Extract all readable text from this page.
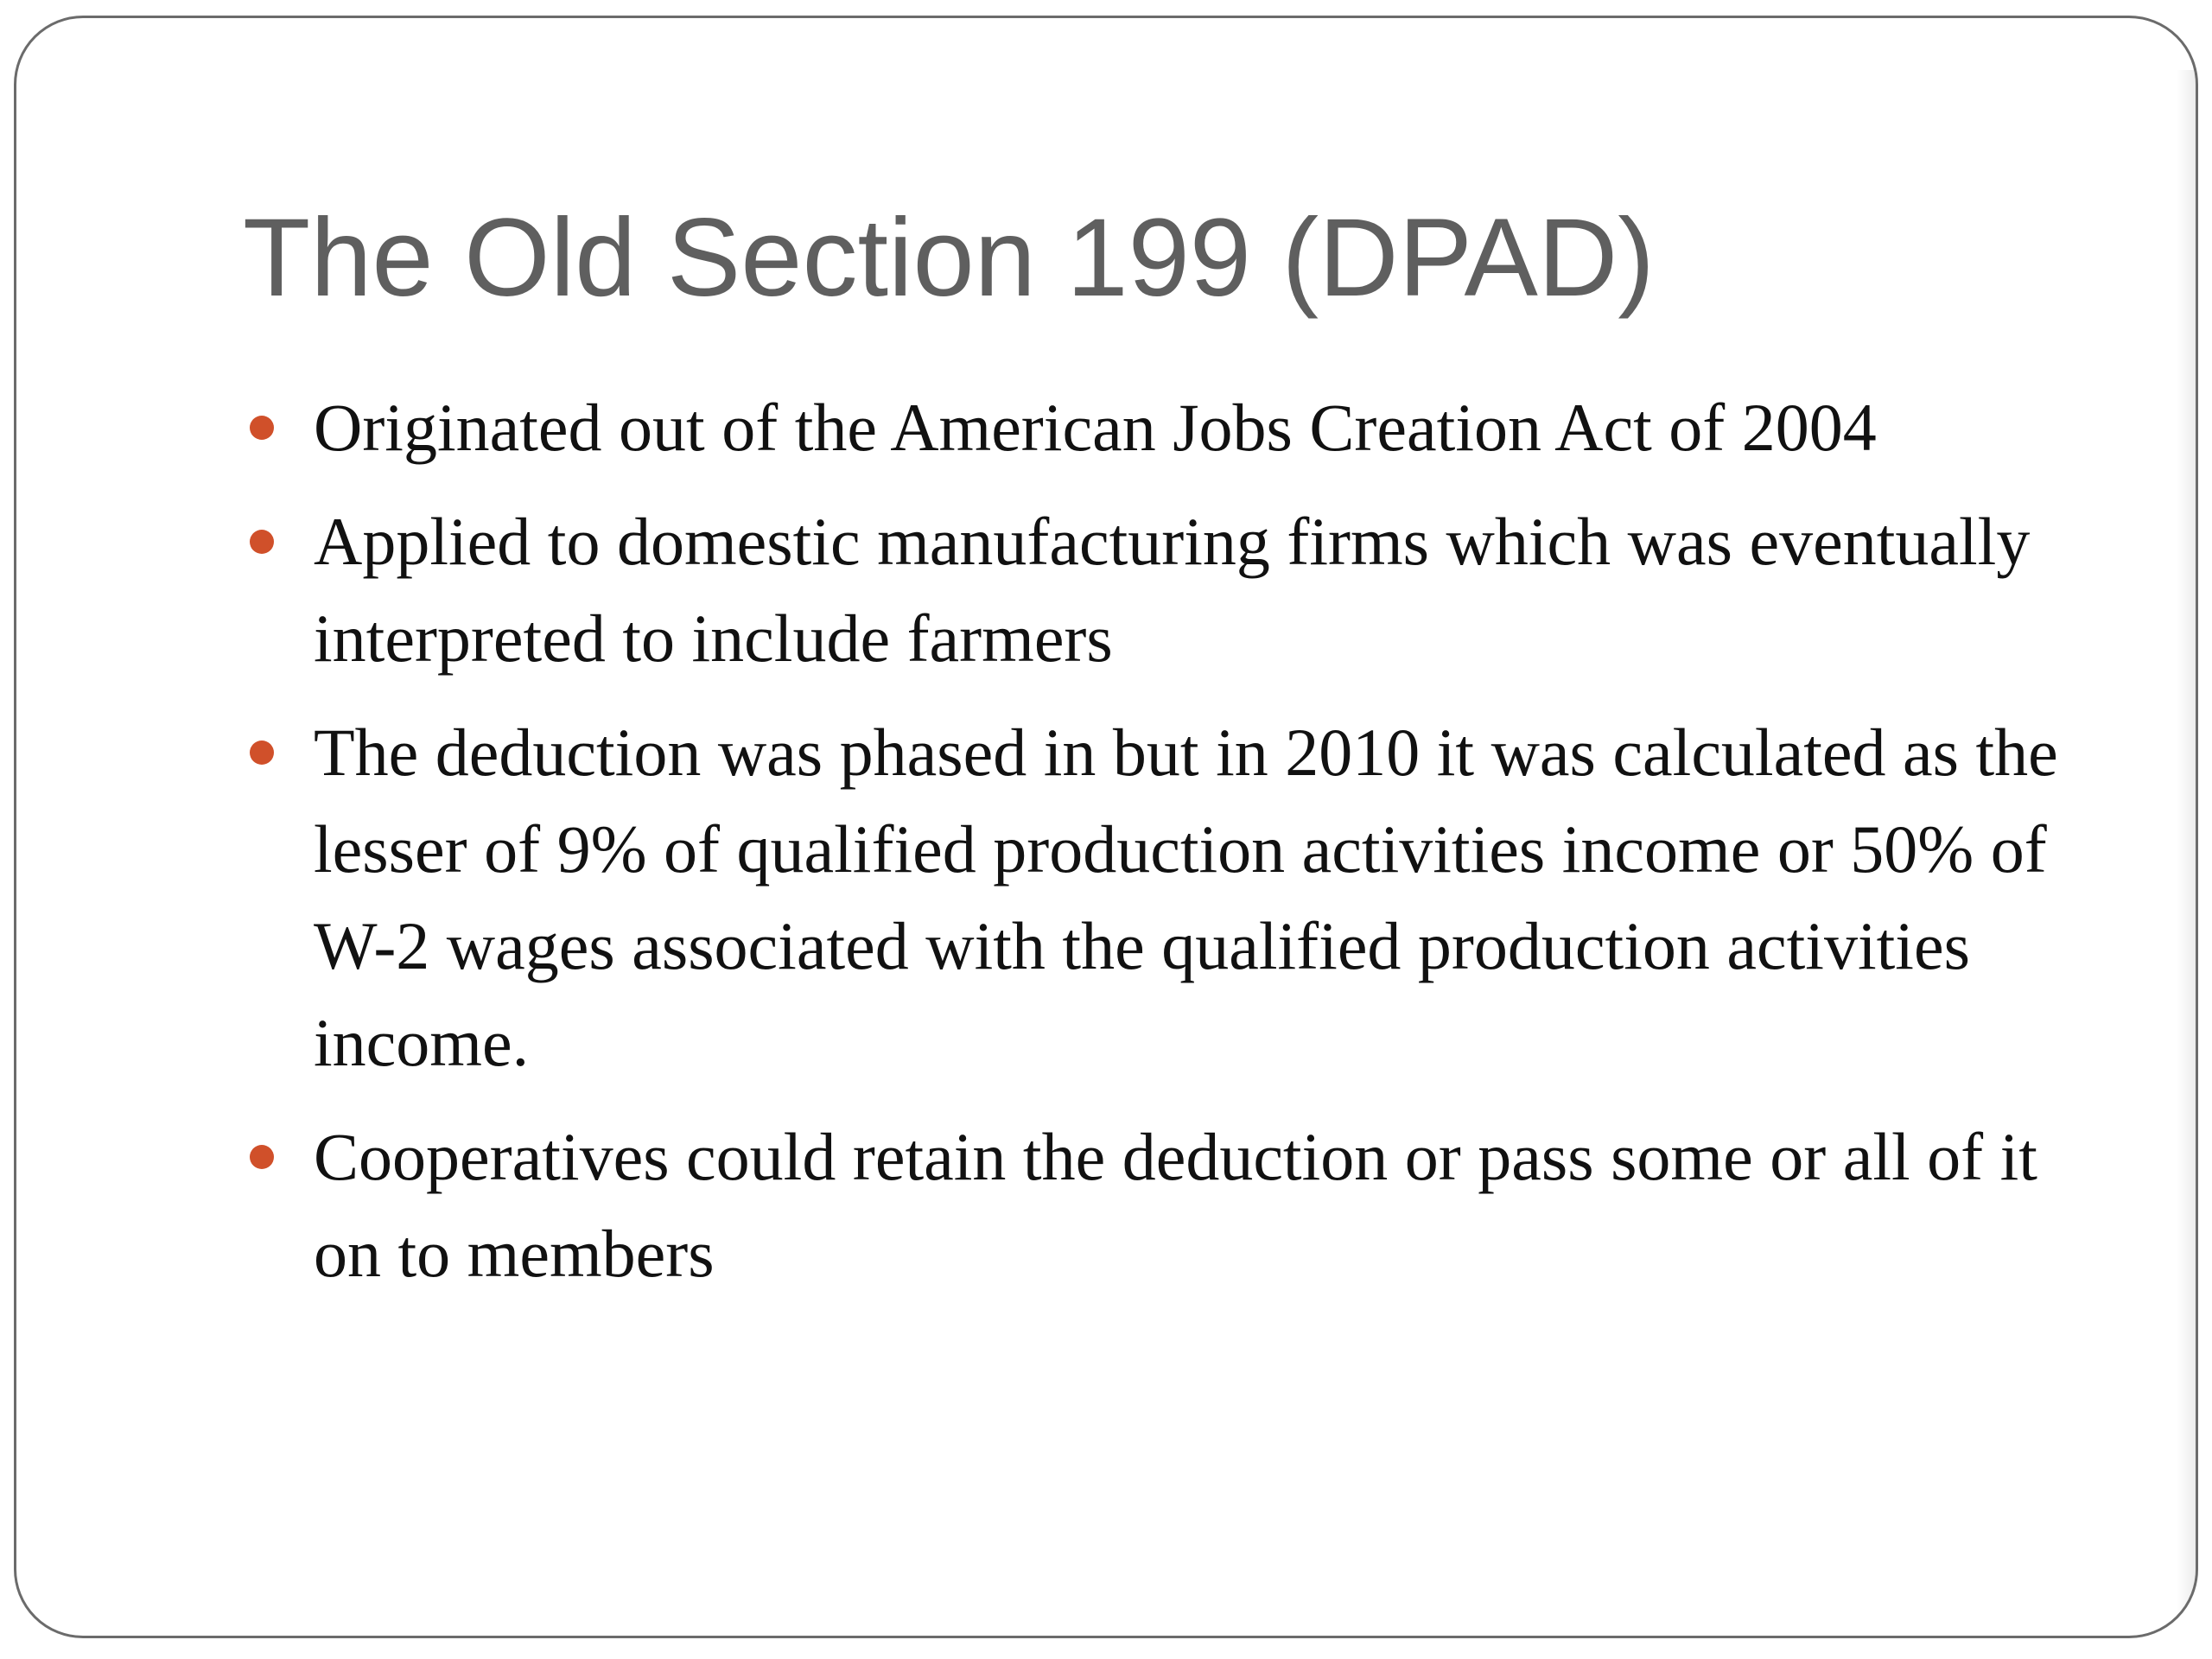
The Old Section 199 (DPAD)
Originated out of the American Jobs Creation Act of 2004
Applied to domestic manufacturing firms which was eventually interpreted to include farmers
The deduction was phased in but in 2010 it was calculated as the lesser of 9% of qualified production activities income or 50% of W-2 wages associated with the qualified production activities income.
Cooperatives could retain the deduction or pass some or all of it on to members
